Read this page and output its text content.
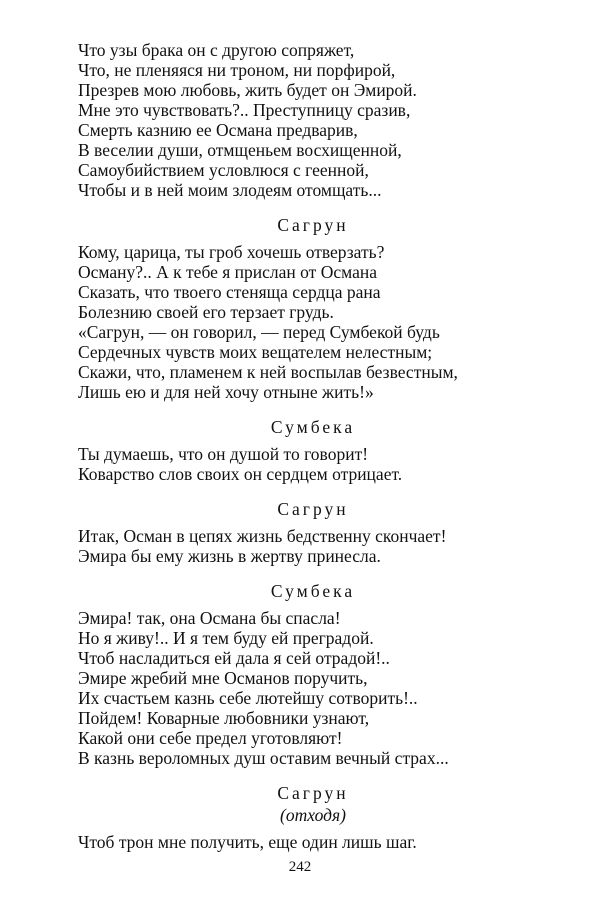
Что узы брака он с другою сопряжет,

Что, не пленяяся ни троном, ни порфирой,

Презрев мою любовь, жить будет он Эмирой.

Мне это чувствовать?.. Преступницу сразив,

Смерть казнию ее Османа предварив,

В веселии души, отмщеньем восхищенной,

Самоубийствием условлюся с геенной,

Чтобы и в ней моим злодеям отомщать...

Сагрун

Кому, царица, ты гроб хочешь отверзать?

Осману?.. А к тебе я прислан от Османа

Сказать, что твоего стеняща сердца рана

Болезнию своей его терзает грудь.

«Сагрун, — он говорил, — перед Сумбекой будь

Сердечных чувств моих вещателем нелестным;

Скажи, что, пламенем к ней воспылав безвестным,

Лишь ею и для ней хочу отныне жить!»

Сумбека

Ты думаешь, что он душой то говорит!

Коварство слов своих он сердцем отрицает.

Сагрун

Итак, Осман в цепях жизнь бедственну скончает!

Эмира бы ему жизнь в жертву принесла.

Сумбека

Эмира! так, она Османа бы спасла!

Но я живу!.. И я тем буду ей преградой.

Чтоб насладиться ей дала я сей отрадой!..

Эмире жребий мне Османов поручить,

Их счастьем казнь себе лютейшу сотворить!..

Пойдем! Коварные любовники узнают,

Какой они себе предел уготовляют!

В казнь вероломных душ оставим вечный страх...

Сагрун

(отходя)

Чтоб трон мне получить, еще один лишь шаг.

242
